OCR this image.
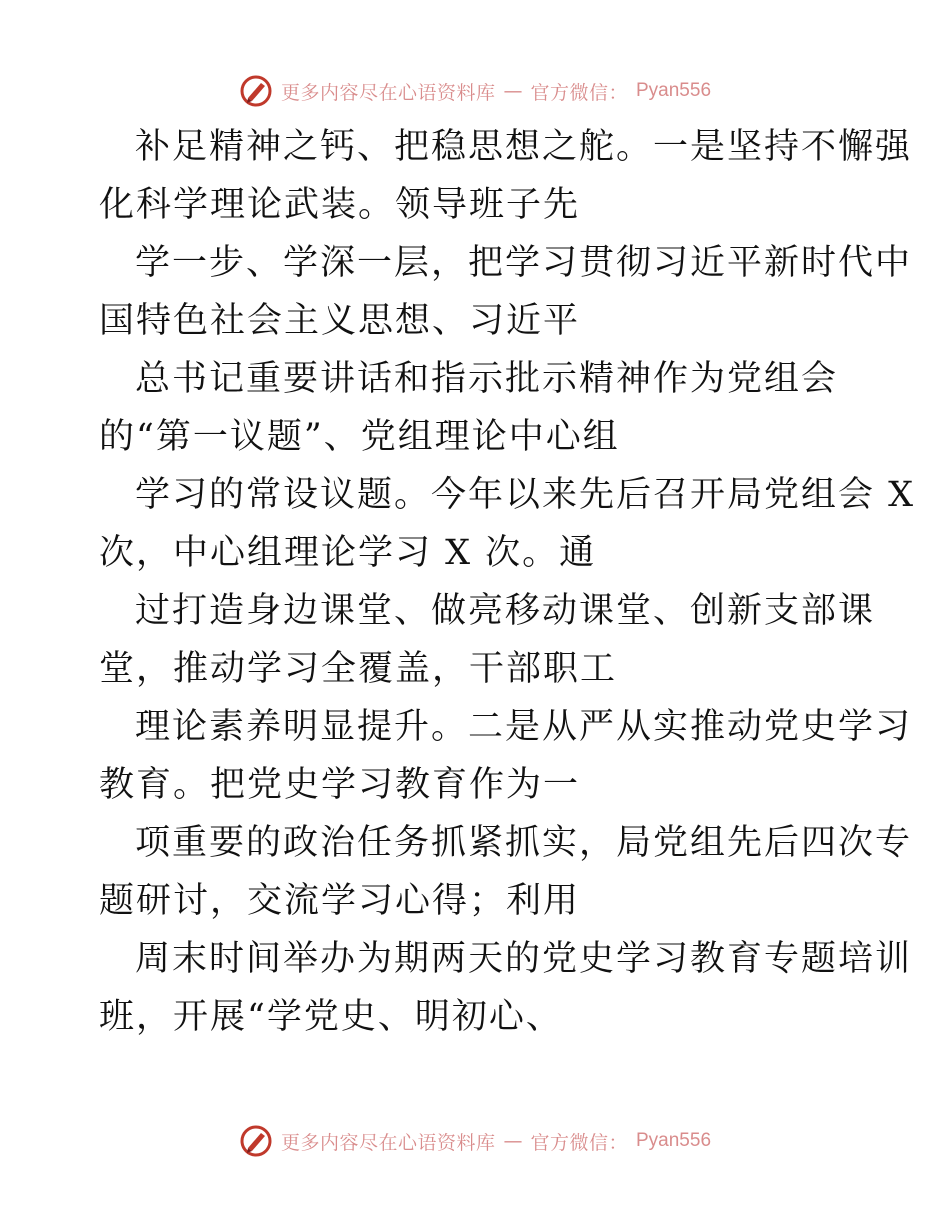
更多内容尽在心语资料库 — 官方微信： Pyan556
补足精神之钙、把稳思想之舵。一是坚持不懈强
化科学理论武装。领导班子先
学一步、学深一层，把学习贯彻习近平新时代中
国特色社会主义思想、习近平
总书记重要讲话和指示批示精神作为党组会
的“第一议题”、党组理论中心组
学习的常设议题。今年以来先后召开局党组会 X
次，中心组理论学习 X 次。通
过打造身边课堂、做亮移动课堂、创新支部课
堂，推动学习全覆盖，干部职工
理论素养明显提升。二是从严从实推动党史学习
教育。把党史学习教育作为一
项重要的政治任务抓紧抓实，局党组先后四次专
题研讨，交流学习心得；利用
周末时间举办为期两天的党史学习教育专题培训
班，开展“学党史、明初心、
更多内容尽在心语资料库 — 官方微信： Pyan556
